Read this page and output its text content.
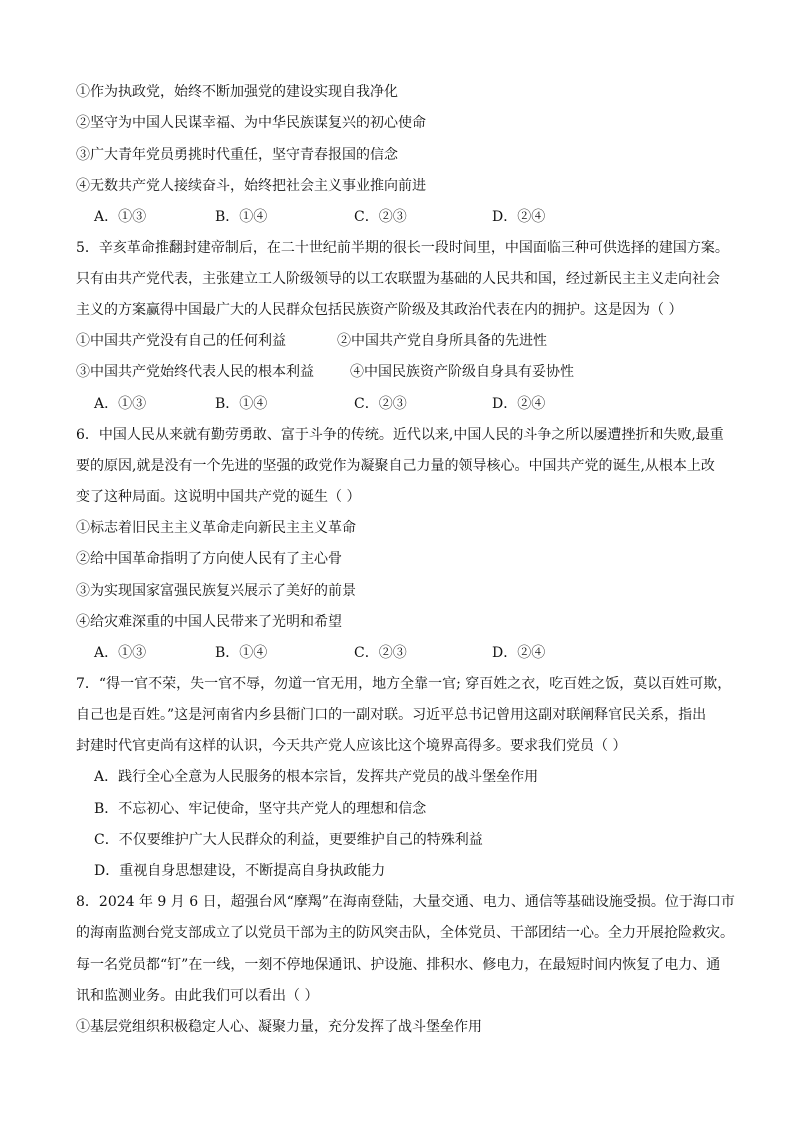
①作为执政党，始终不断加强党的建设实现自我净化
②坚守为中国人民谋幸福、为中华民族谋复兴的初心使命
③广大青年党员勇挑时代重任，坚守青春报国的信念
④无数共产党人接续奋斗，始终把社会主义事业推向前进
A．①③	B．①④	C．②③	D．②④
5．辛亥革命推翻封建帝制后，在二十世纪前半期的很长一段时间里，中国面临三种可供选择的建国方案。
只有由共产党代表，主张建立工人阶级领导的以工农联盟为基础的人民共和国，经过新民主主义走向社会
主义的方案赢得中国最广大的人民群众包括民族资产阶级及其政治代表在内的拥护。这是因为（ ）
①中国共产党没有自己的任何利益	②中国共产党自身所具备的先进性
③中国共产党始终代表人民的根本利益	④中国民族资产阶级自身具有妥协性
A．①③	B．①④	C．②③	D．②④
6．中国人民从来就有勤劳勇敢、富于斗争的传统。近代以来,中国人民的斗争之所以屡遭挫折和失败,最重
要的原因,就是没有一个先进的坚强的政党作为凝聚自己力量的领导核心。中国共产党的诞生,从根本上改
变了这种局面。这说明中国共产党的诞生（ ）
①标志着旧民主主义革命走向新民主主义革命
②给中国革命指明了方向使人民有了主心骨
③为实现国家富强民族复兴展示了美好的前景
④给灾难深重的中国人民带来了光明和希望
A．①③	B．①④	C．②③	D．②④
7．“得一官不荣，失一官不辱，勿道一官无用，地方全靠一官; 穿百姓之衣，吃百姓之饭，莫以百姓可欺，
自己也是百姓。”这是河南省内乡县衙门口的一副对联。习近平总书记曾用这副对联阐释官民关系，指出
封建时代官吏尚有这样的认识，今天共产党人应该比这个境界高得多。要求我们党员（ ）
A．践行全心全意为人民服务的根本宗旨，发挥共产党员的战斗堡垒作用
B．不忘初心、牢记使命，坚守共产党人的理想和信念
C．不仅要维护广大人民群众的利益，更要维护自己的特殊利益
D．重视自身思想建设，不断提高自身执政能力
8．2024 年 9 月 6 日，超强台风“摩羯”在海南登陆，大量交通、电力、通信等基础设施受损。位于海口市
的海南监测台党支部成立了以党员干部为主的防风突击队，全体党员、干部团结一心。全力开展抢险救灾。
每一名党员都“钉”在一线，一刻不停地保通讯、护设施、排积水、修电力，在最短时间内恢复了电力、通
讯和监测业务。由此我们可以看出（ ）
①基层党组织积极稳定人心、凝聚力量，充分发挥了战斗堡垒作用
